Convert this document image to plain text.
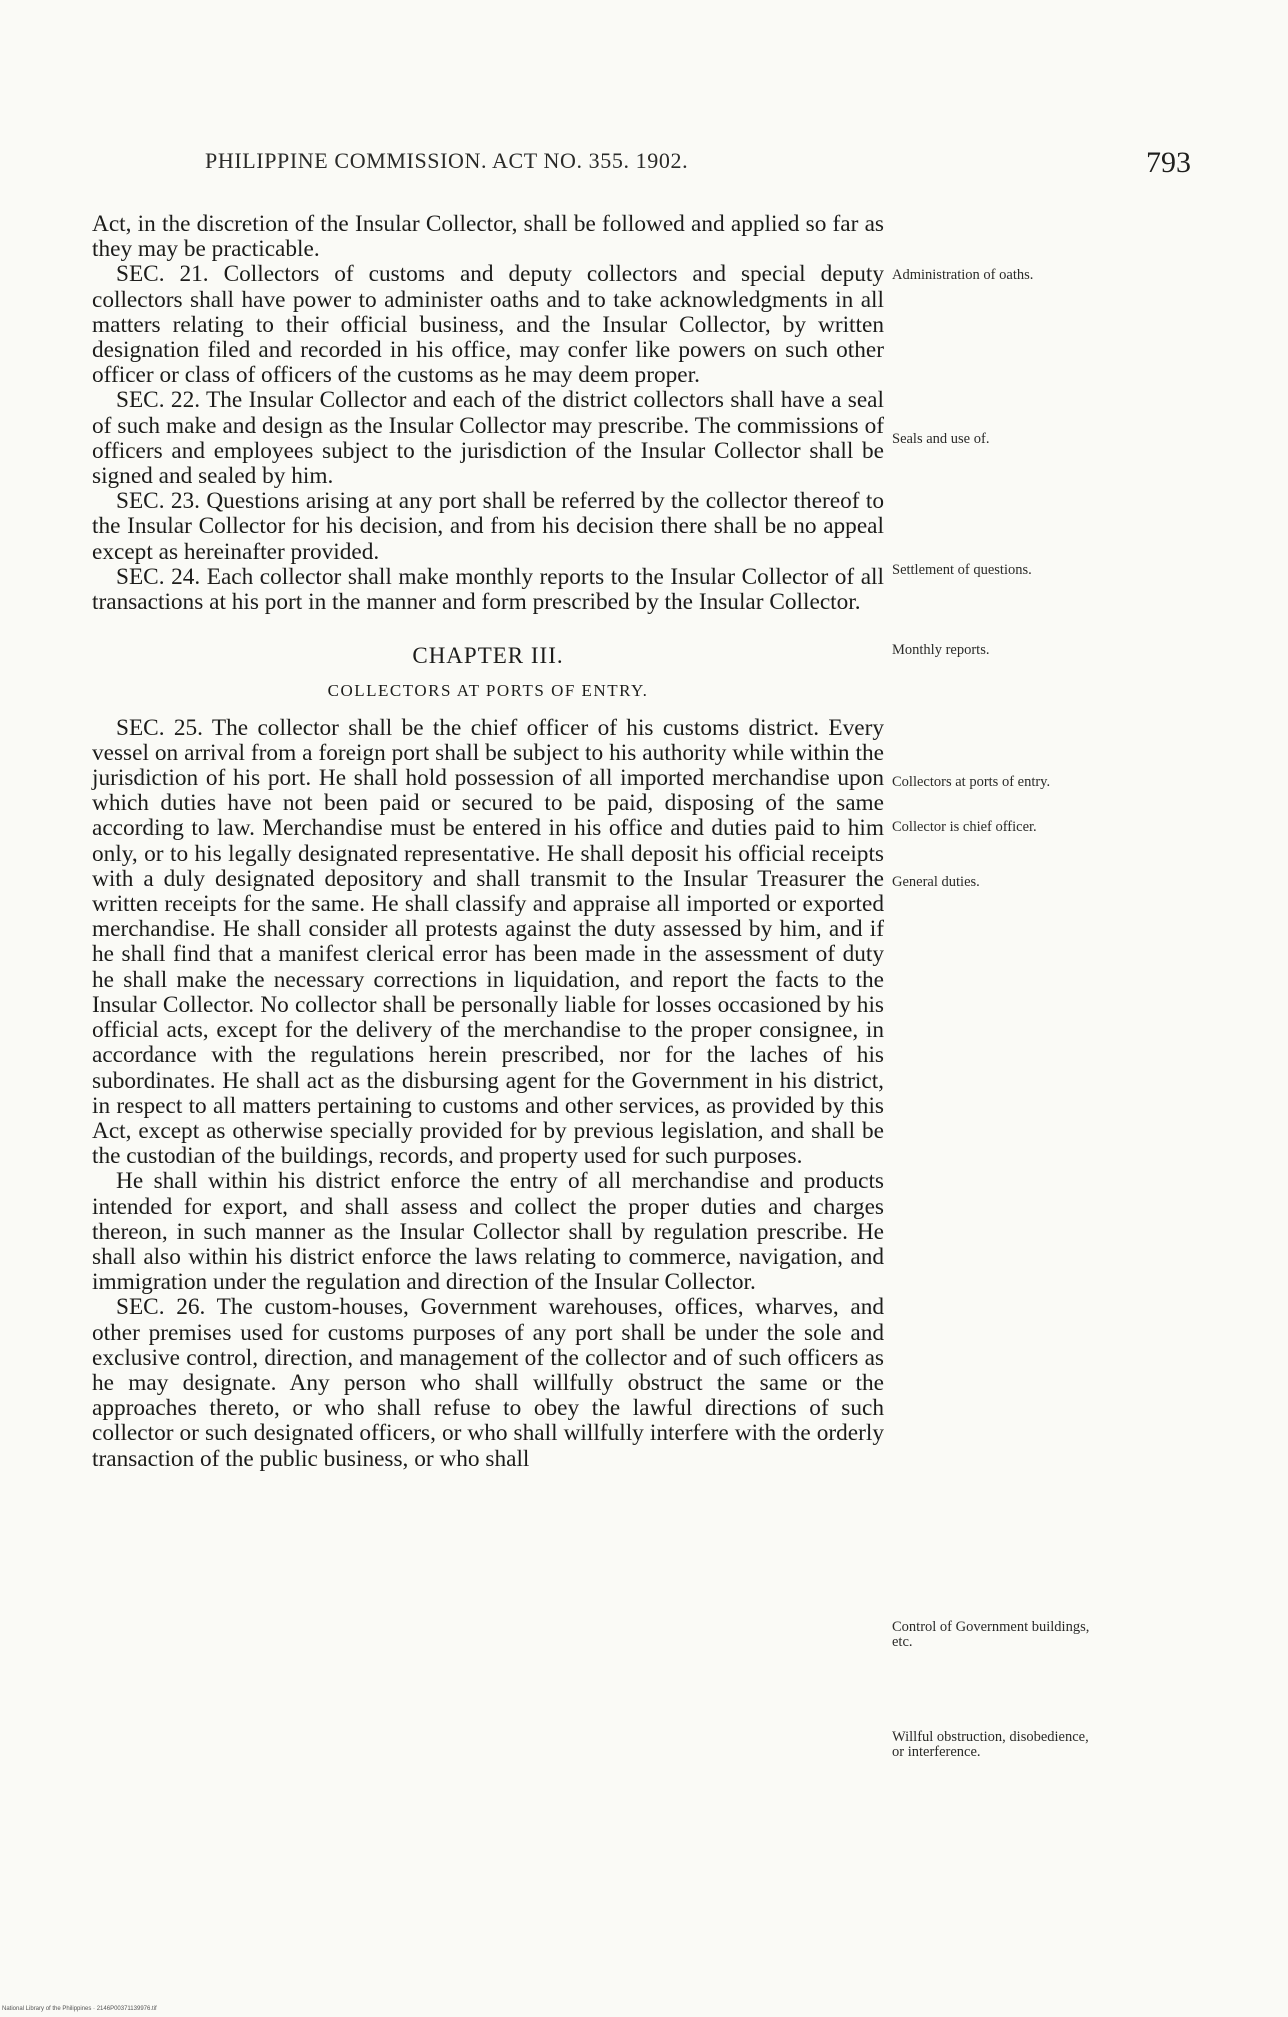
PHILIPPINE COMMISSION. ACT NO. 355. 1902.	793

Act, in the discretion of the Insular Collector, shall be followed and applied so far as they may be practicable.

SEC. 21. Collectors of customs and deputy collectors and special deputy collectors shall have power to administer oaths and to take acknowledgments in all matters relating to their official business, and the Insular Collector, by written designation filed and recorded in his office, may confer like powers on such other officer or class of officers of the customs as he may deem proper.

SEC. 22. The Insular Collector and each of the district collectors shall have a seal of such make and design as the Insular Collector may prescribe. The commissions of officers and employees subject to the jurisdiction of the Insular Collector shall be signed and sealed by him.

SEC. 23. Questions arising at any port shall be referred by the collector thereof to the Insular Collector for his decision, and from his decision there shall be no appeal except as hereinafter provided.

SEC. 24. Each collector shall make monthly reports to the Insular Collector of all transactions at his port in the manner and form prescribed by the Insular Collector.

CHAPTER III.

COLLECTORS AT PORTS OF ENTRY.

SEC. 25. The collector shall be the chief officer of his customs district. Every vessel on arrival from a foreign port shall be subject to his authority while within the jurisdiction of his port. He shall hold possession of all imported merchandise upon which duties have not been paid or secured to be paid, disposing of the same according to law. Merchandise must be entered in his office and duties paid to him only, or to his legally designated representative. He shall deposit his official receipts with a duly designated depository and shall transmit to the Insular Treasurer the written receipts for the same. He shall classify and appraise all imported or exported merchandise. He shall consider all protests against the duty assessed by him, and if he shall find that a manifest clerical error has been made in the assessment of duty he shall make the necessary corrections in liquidation, and report the facts to the Insular Collector. No collector shall be personally liable for losses occasioned by his official acts, except for the delivery of the merchandise to the proper consignee, in accordance with the regulations herein prescribed, nor for the laches of his subordinates. He shall act as the disbursing agent for the Government in his district, in respect to all matters pertaining to customs and other services, as provided by this Act, except as otherwise specially provided for by previous legislation, and shall be the custodian of the buildings, records, and property used for such purposes.

He shall within his district enforce the entry of all merchandise and products intended for export, and shall assess and collect the proper duties and charges thereon, in such manner as the Insular Collector shall by regulation prescribe. He shall also within his district enforce the laws relating to commerce, navigation, and immigration under the regulation and direction of the Insular Collector.

SEC. 26. The custom-houses, Government warehouses, offices, wharves, and other premises used for customs purposes of any port shall be under the sole and exclusive control, direction, and management of the collector and of such officers as he may designate. Any person who shall willfully obstruct the same or the approaches thereto, or who shall refuse to obey the lawful directions of such collector or such designated officers, or who shall willfully interfere with the orderly transaction of the public business, or who shall

Administration of oaths.
Seals and use of.
Settlement of questions.
Monthly reports.
Collectors at ports of entry.
Collector is chief officer.
General duties.
Control of Government buildings, etc.
Willful obstruction, disobedience, or interference.
National Library of the Philippines · 2146P00371139976.tif
